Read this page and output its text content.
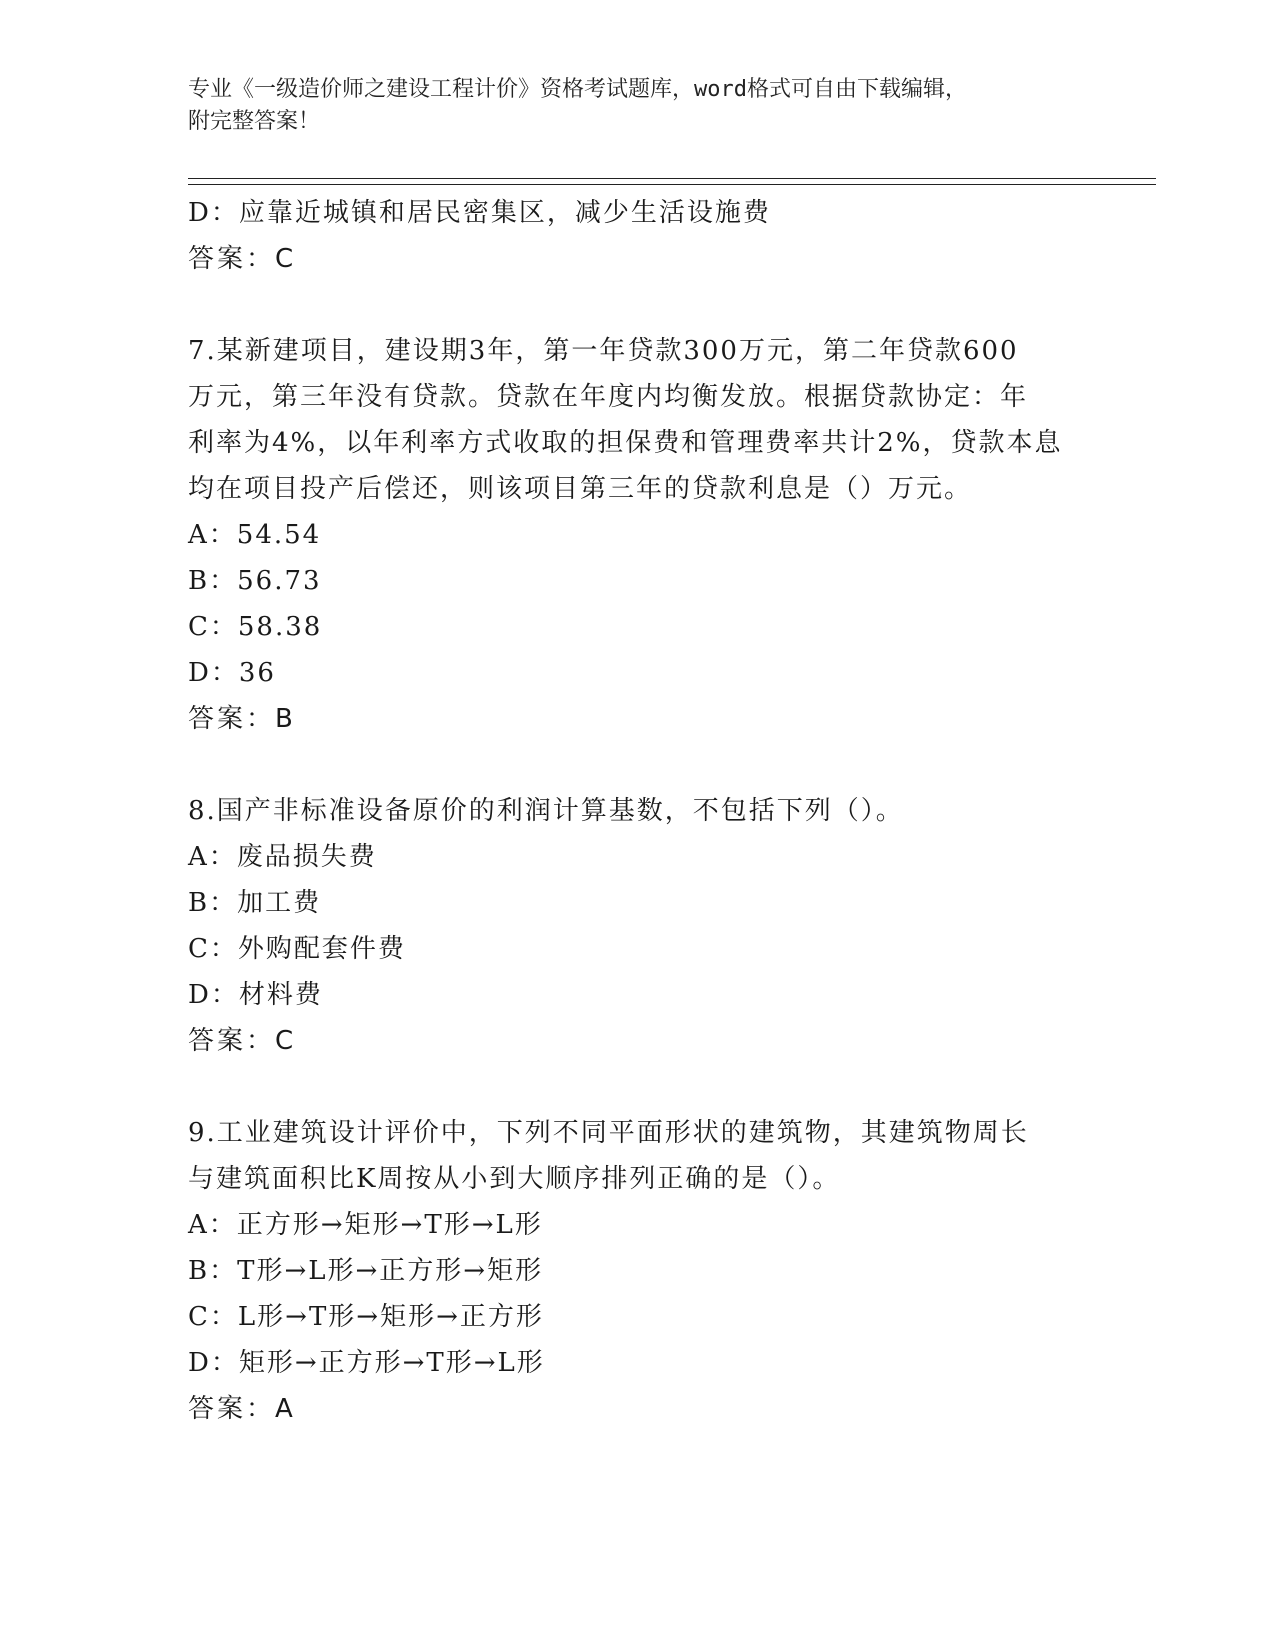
专业《一级造价师之建设工程计价》资格考试题库，word格式可自由下载编辑，
附完整答案！
D：应靠近城镇和居民密集区，减少生活设施费
答案：C
7.某新建项目，建设期3年，第一年贷款300万元，第二年贷款600
万元，第三年没有贷款。贷款在年度内均衡发放。根据贷款协定：年
利率为4%，以年利率方式收取的担保费和管理费率共计2%，贷款本息
均在项目投产后偿还，则该项目第三年的贷款利息是（）万元。
A：54.54
B：56.73
C：58.38
D：36
答案：B
8.国产非标准设备原价的利润计算基数，不包括下列（）。
A：废品损失费
B：加工费
C：外购配套件费
D：材料费
答案：C
9.工业建筑设计评价中，下列不同平面形状的建筑物，其建筑物周长
与建筑面积比K周按从小到大顺序排列正确的是（）。
A：正方形→矩形→T形→L形
B：T形→L形→正方形→矩形
C：L形→T形→矩形→正方形
D：矩形→正方形→T形→L形
答案：A
